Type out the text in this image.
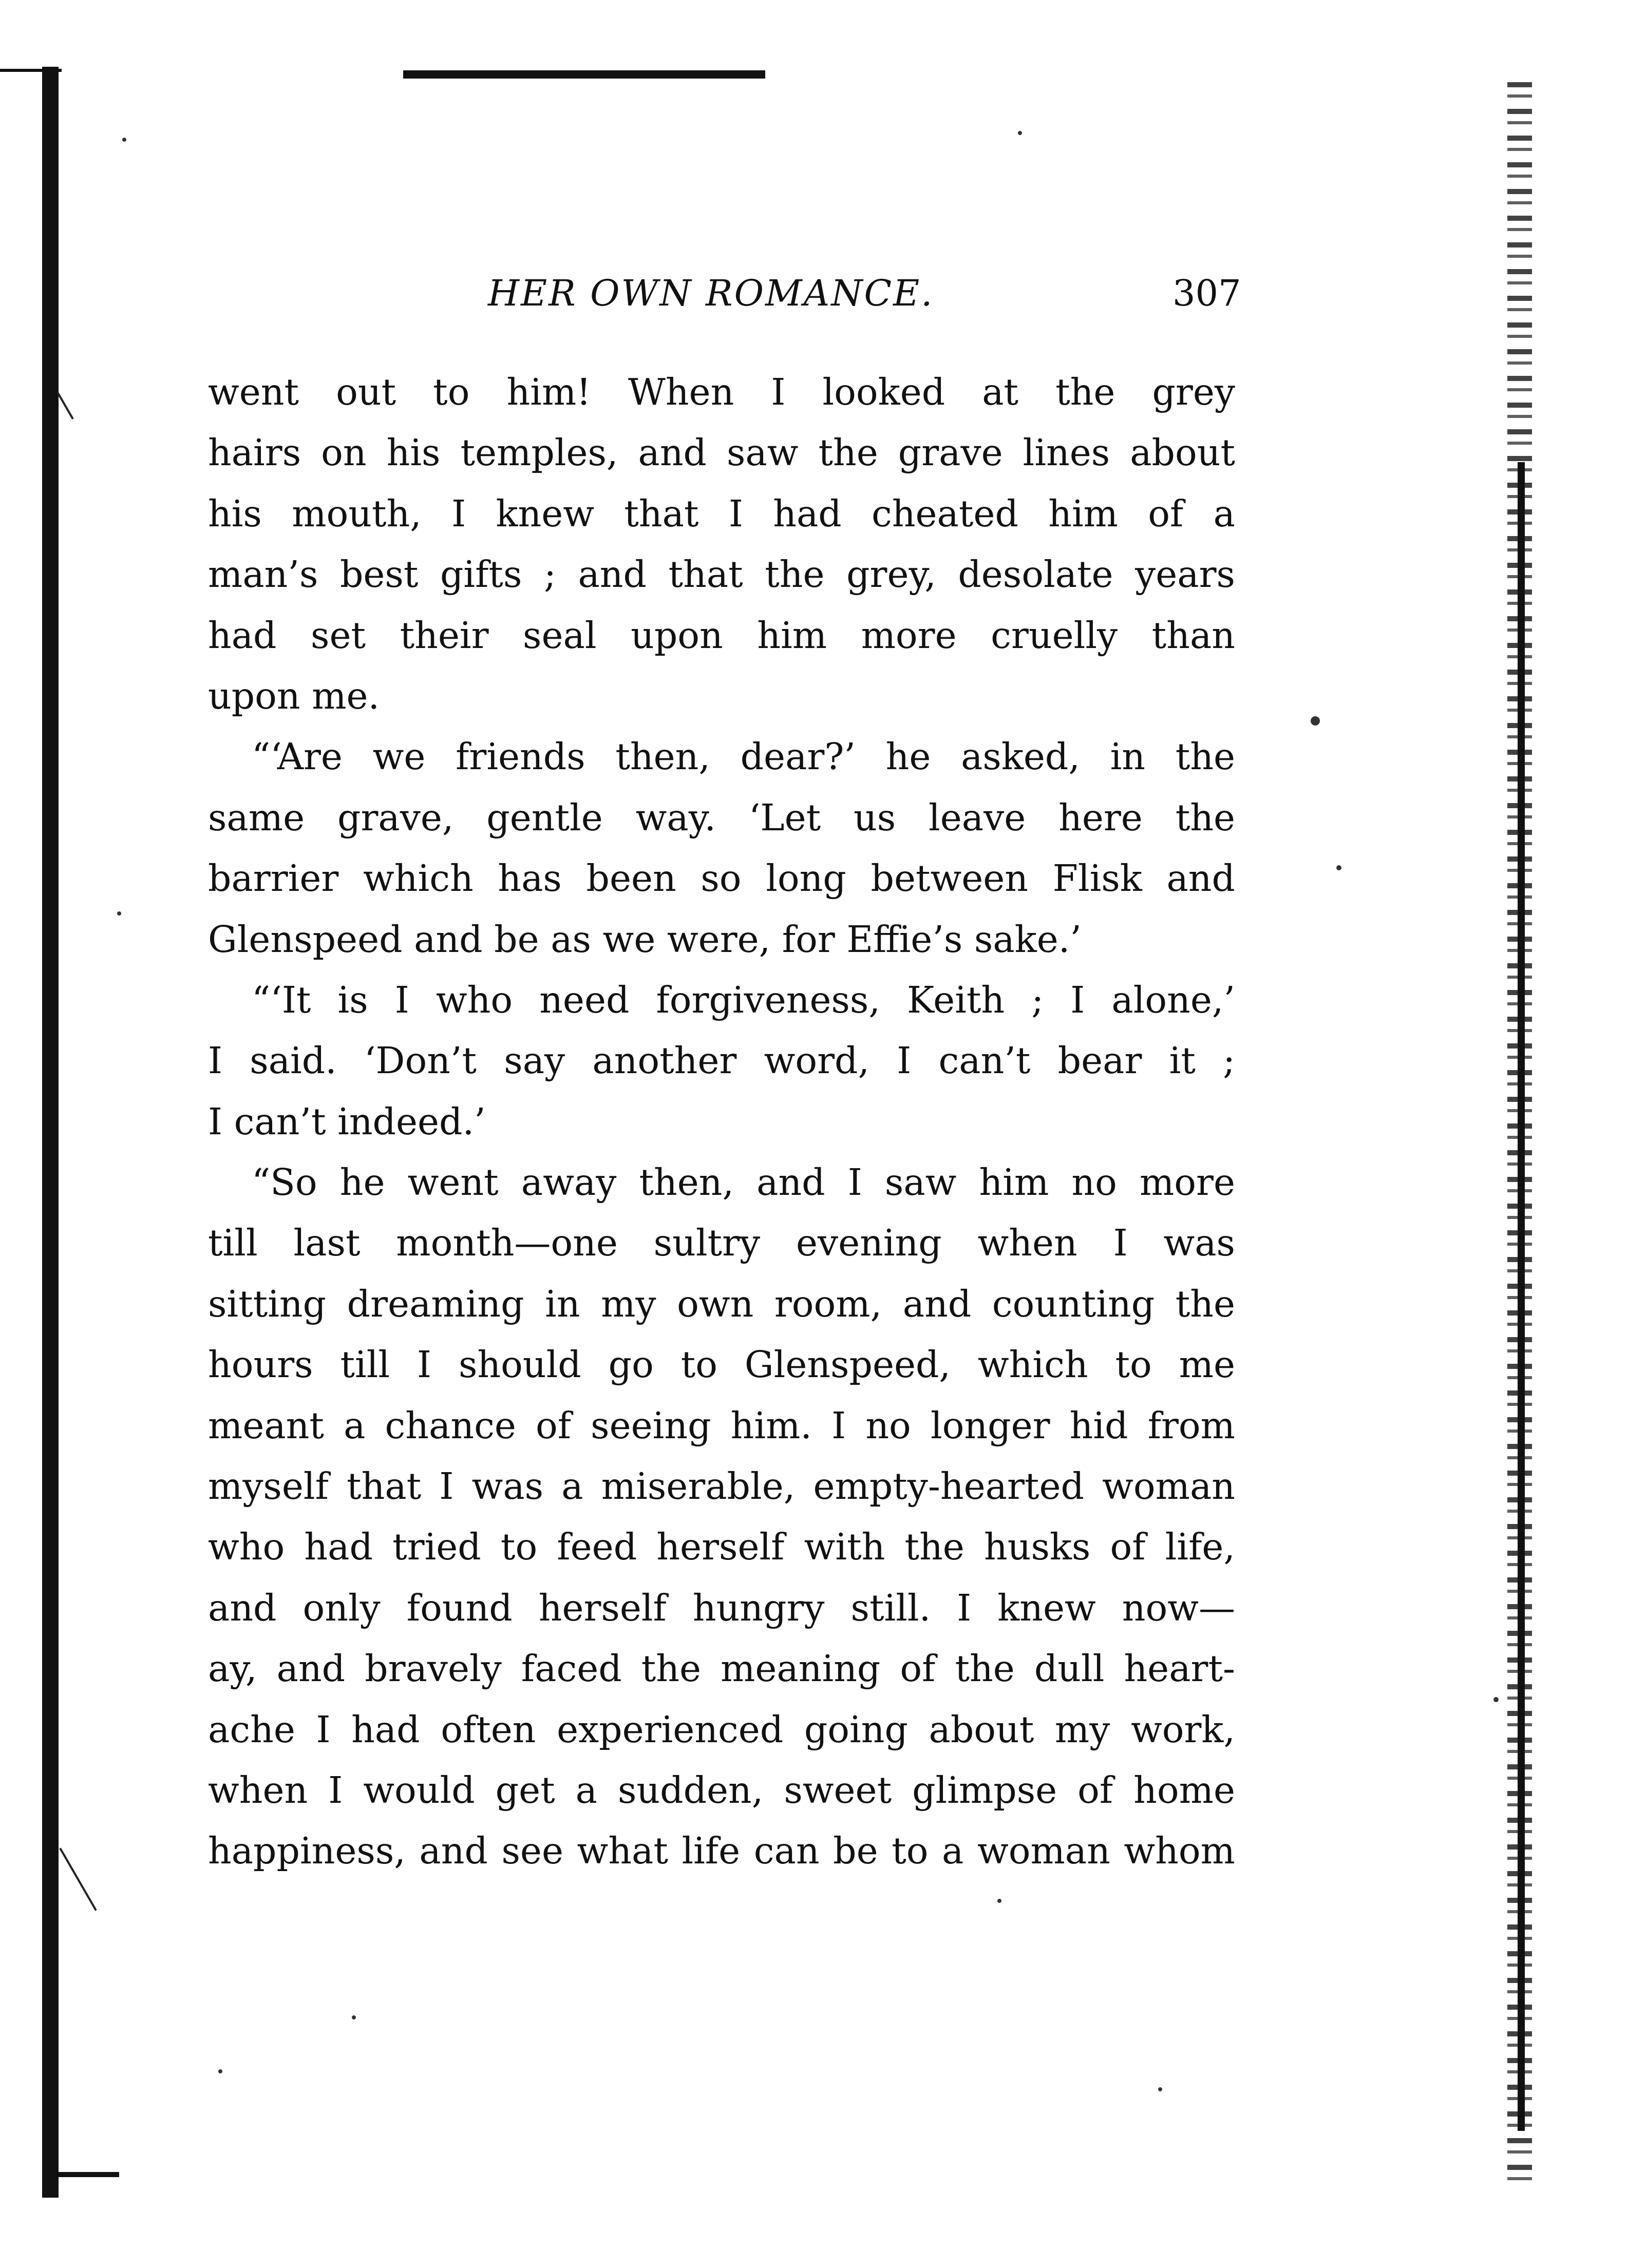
HER OWN ROMANCE.	307
went out to him! When I looked at the grey
hairs on his temples, and saw the grave lines about
his mouth, I knew that I had cheated him of a
man’s best gifts ; and that the grey, desolate years
had set their seal upon him more cruelly than
upon me.
“‘Are we friends then, dear?’ he asked, in the
same grave, gentle way. ‘Let us leave here the
barrier which has been so long between Flisk and
Glenspeed and be as we were, for Effie’s sake.’
“‘It is I who need forgiveness, Keith ; I alone,’
I said. ‘Don’t say another word, I can’t bear it ;
I can’t indeed.’
“So he went away then, and I saw him no more
till last month—one sultry evening when I was
sitting dreaming in my own room, and counting the
hours till I should go to Glenspeed, which to me
meant a chance of seeing him. I no longer hid from
myself that I was a miserable, empty-hearted woman
who had tried to feed herself with the husks of life,
and only found herself hungry still. I knew now—
ay, and bravely faced the meaning of the dull heart-
ache I had often experienced going about my work,
when I would get a sudden, sweet glimpse of home
happiness, and see what life can be to a woman whom
